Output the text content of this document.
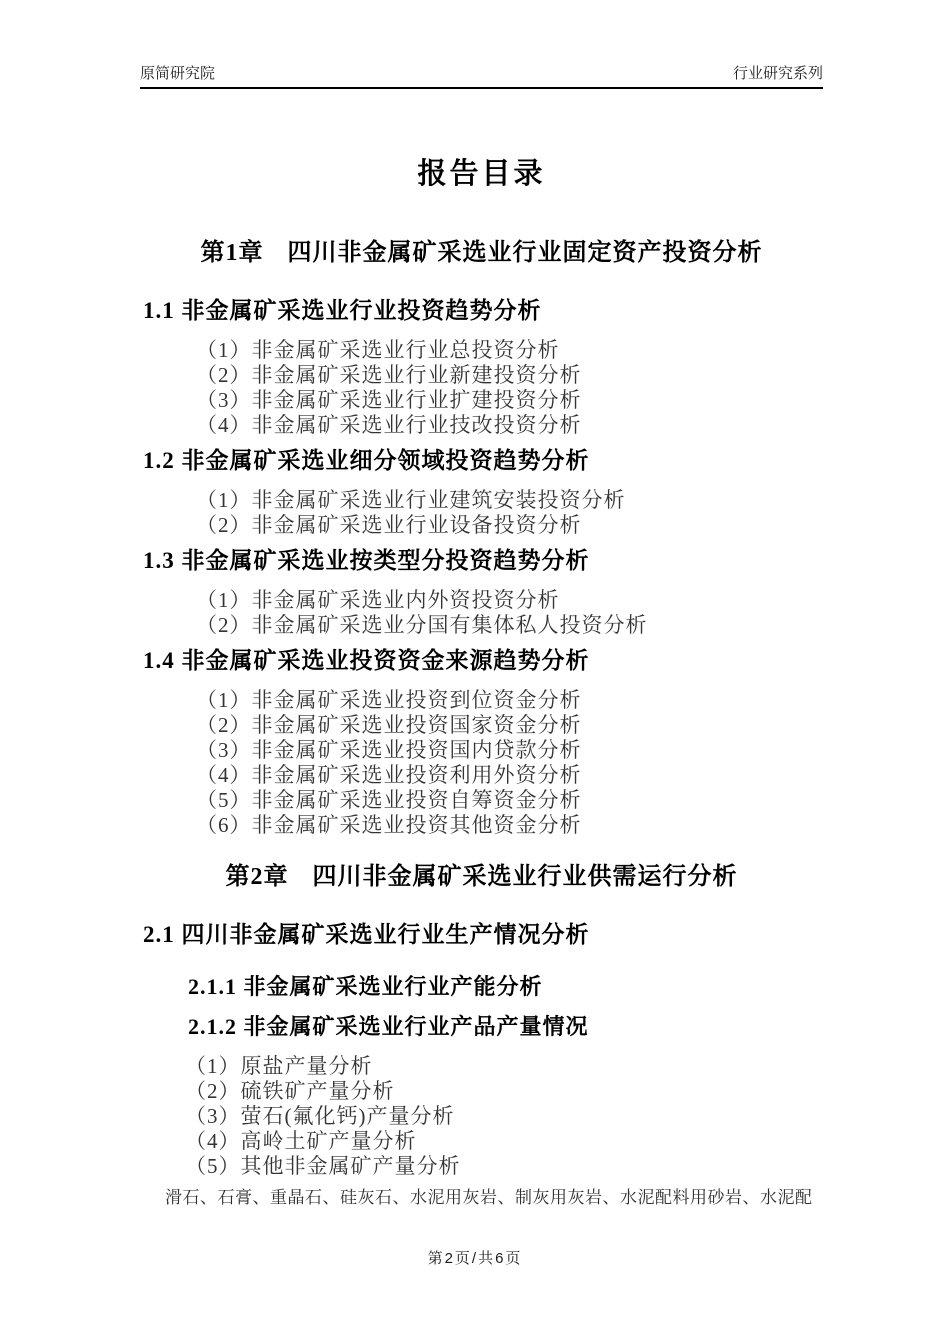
原简研究院	行业研究系列
报告目录
第1章 四川非金属矿采选业行业固定资产投资分析
1.1 非金属矿采选业行业投资趋势分析
（1）非金属矿采选业行业总投资分析
（2）非金属矿采选业行业新建投资分析
（3）非金属矿采选业行业扩建投资分析
（4）非金属矿采选业行业技改投资分析
1.2 非金属矿采选业细分领域投资趋势分析
（1）非金属矿采选业行业建筑安装投资分析
（2）非金属矿采选业行业设备投资分析
1.3 非金属矿采选业按类型分投资趋势分析
（1）非金属矿采选业内外资投资分析
（2）非金属矿采选业分国有集体私人投资分析
1.4 非金属矿采选业投资资金来源趋势分析
（1）非金属矿采选业投资到位资金分析
（2）非金属矿采选业投资国家资金分析
（3）非金属矿采选业投资国内贷款分析
（4）非金属矿采选业投资利用外资分析
（5）非金属矿采选业投资自筹资金分析
（6）非金属矿采选业投资其他资金分析
第2章 四川非金属矿采选业行业供需运行分析
2.1 四川非金属矿采选业行业生产情况分析
2.1.1 非金属矿采选业行业产能分析
2.1.2 非金属矿采选业行业产品产量情况
（1）原盐产量分析
（2）硫铁矿产量分析
（3）萤石(氟化钙)产量分析
（4）高岭土矿产量分析
（5）其他非金属矿产量分析
滑石、石膏、重晶石、硅灰石、水泥用灰岩、制灰用灰岩、水泥配料用砂岩、水泥配
第2页/共6页
